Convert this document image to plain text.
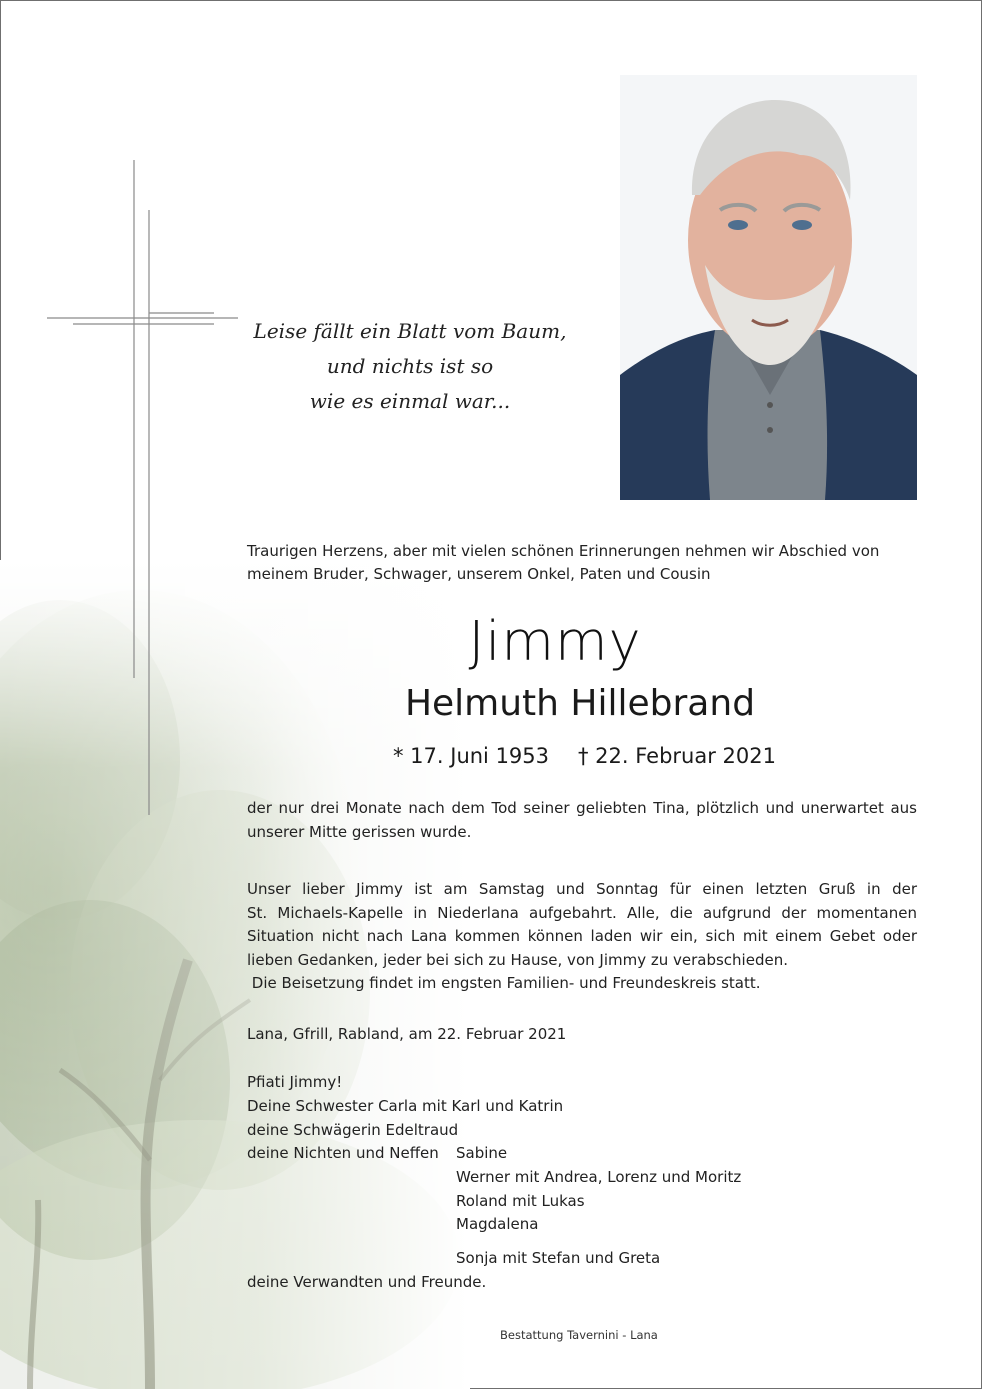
Leise fällt ein Blatt vom Baum,
und nichts ist so
wie es einmal war...
Traurigen Herzens, aber mit vielen schönen Erinnerungen nehmen wir Abschied von
meinem Bruder, Schwager, unserem Onkel, Paten und Cousin
Jimmy
Helmuth Hillebrand
* 17. Juni 1953 † 22. Februar 2021
der nur drei Monate nach dem Tod seiner geliebten Tina, plötzlich und unerwartet aus
unserer Mitte gerissen wurde.
Unser lieber Jimmy ist am Samstag und Sonntag für einen letzten Gruß in der
St. Michaels-Kapelle in Niederlana aufgebahrt. Alle, die aufgrund der momentanen
Situation nicht nach Lana kommen können laden wir ein, sich mit einem Gebet oder
lieben Gedanken, jeder bei sich zu Hause, von Jimmy zu verabschieden.
Die Beisetzung findet im engsten Familien- und Freundeskreis statt.
Lana, Gfrill, Rabland, am 22. Februar 2021
Pfiati Jimmy!
Deine Schwester Carla mit Karl und Katrin
deine Schwägerin Edeltraud
deine Nichten und Neffen Sabine
Werner mit Andrea, Lorenz und Moritz
Roland mit Lukas
Magdalena
Sonja mit Stefan und Greta
deine Verwandten und Freunde.
Bestattung Tavernini - Lana
